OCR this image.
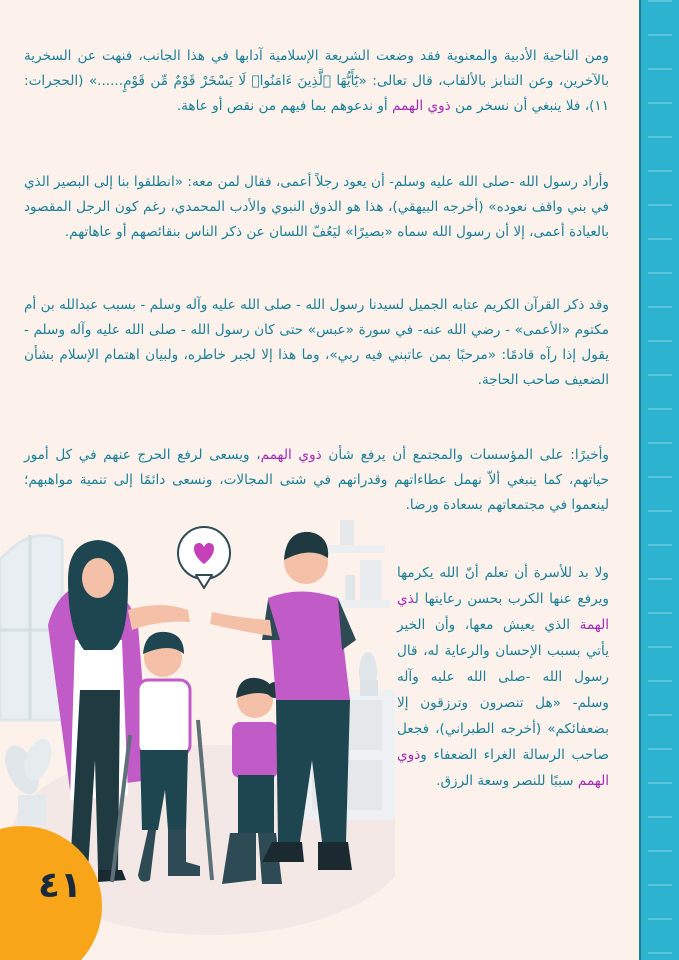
ومن الناحية الأدبية والمعنوية فقد وضعت الشريعة الإسلامية آدابها في هذا الجانب، فنهت عن السخرية بالآخرين، وعن التنابز بالألقاب، قال تعالى: «يَٰٓأَيُّهَا ٱلَّذِينَ ءَامَنُوا۟ لَا يَسْخَرْ قَوْمٌ مِّن قَوْمٍ......» (الحجرات: ١١)، فلا ينبغي أن نسخر من ذوي الهمم أو ندعوهم بما فيهم من نقص أو عاهة.
وأراد رسول الله -صلى الله عليه وسلم- أن يعود رجلاً أعمى، فقال لمن معه: «انطلقوا بنا إلى البصير الذي في بني واقف نعوده» (أخرجه البيهقي)، هذا هو الذوق النبوي والأدب المحمدي، رغم كون الرجل المقصود بالعيادة أعمى، إلا أن رسول الله سماه «بصيرًا» ليَعُفّ اللسان عن ذكر الناس بنقائصهم أو عاهاتهم.
وقد ذكر القرآن الكريم عتابه الجميل لسيدنا رسول الله - صلى الله عليه وآله وسلم - بسبب عبدالله بن أم مكتوم «الأعمى» - رضي الله عنه- في سورة «عبس» حتى كان رسول الله - صلى الله عليه وآله وسلم - يقول إذا رآه قادمًا: «مرحبًا بمن عاتبني فيه ربي»، وما هذا إلا لجبر خاطره، ولبيان اهتمام الإسلام بشأن الضعيف صاحب الحاجة.
وأخيرًا: على المؤسسات والمجتمع أن يرفع شأن ذوي الهمم، ويسعى لرفع الحرج عنهم في كل أمور حياتهم، كما ينبغي ألاّ نهمل عطاءاتهم وقدراتهم في شتى المجالات، ونسعى دائمًا إلى تنمية مواهبهم؛ لينعموا في مجتمعاتهم بسعادة ورضا.
ولا بد للأسرة أن تعلم أنّ الله يكرمها ويرفع عنها الكرب بحسن رعايتها لذي الهمة الذي يعيش معها، وأن الخير يأتي بسبب الإحسان والرعاية له، قال رسول الله -صلى الله عليه وآله وسلم- «هل تنصرون وترزقون إلا بضعفائكم» (أخرجه الطبراني)، فجعل صاحب الرسالة الغراء الضعفاء وذوي الهمم سببًا للنصر وسعة الرزق.
٤١
